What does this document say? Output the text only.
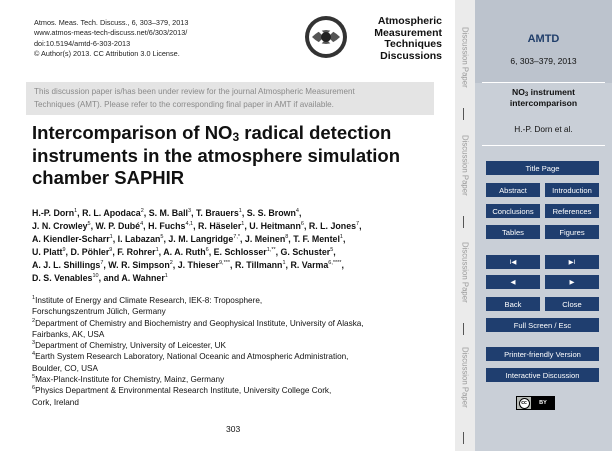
Atmos. Meas. Tech. Discuss., 6, 303–379, 2013
www.atmos-meas-tech-discuss.net/6/303/2013/
doi:10.5194/amtd-6-303-2013
© Author(s) 2013. CC Attribution 3.0 License.
Atmospheric
Measurement
Techniques
Discussions
This discussion paper is/has been under review for the journal Atmospheric Measurement
Techniques (AMT). Please refer to the corresponding final paper in AMT if available.
Intercomparison of $NO_3$ radical detection
instruments in the atmosphere simulation
chamber SAPHIR
H.-P. Dorn$^1$, R. L. Apodaca$^2$, S. M. Ball$^3$, T. Brauers$^1$, S. S. Brown$^4$,
J. N. Crowley$^5$, W. P. Dubé$^4$, H. Fuchs$^{4,1}$, R. Häseler$^1$, U. Heitmann$^6$, R. L. Jones$^7$,
A. Kiendler-Scharr$^1$, I. Labazan$^5$, J. M. Langridge$^{7,*}$, J. Meinen$^8$, T. F. Mentel$^1$,
U. Platt$^9$, D. Pöhler$^9$, F. Rohrer$^1$, A. A. Ruth$^6$, E. Schlosser$^{1,**}$, G. Schuster$^5$,
A. J. L. Shillings$^7$, W. R. Simpson$^2$, J. Thieser$^{9,***}$, R. Tillmann$^1$, R. Varma$^{6,****}$,
D. S. Venables$^{10}$, and A. Wahner$^1$
$^1$Institute of Energy and Climate Research, IEK-8: Troposphere,
Forschungszentrum Jülich, Germany
$^2$Department of Chemistry and Biochemistry and Geophysical Institute, University of Alaska,
Fairbanks, AK, USA
$^3$Department of Chemistry, University of Leicester, UK
$^4$Earth System Research Laboratory, National Oceanic and Atmospheric Administration,
Boulder, CO, USA
$^5$Max-Planck-Institute for Chemistry, Mainz, Germany
$^6$Physics Department & Environmental Research Institute, University College Cork,
Cork, Ireland
303
Discussion Paper
Discussion Paper
Discussion Paper
Discussion Paper
AMTD
6, 303–379, 2013
$NO_3$ instrument
intercomparison
H.-P. Dorn et al.
Title Page
Abstract	Introduction
Conclusions	References
Tables	Figures
I◀	▶I
◀	▶
Back	Close
Full Screen / Esc
Printer-friendly Version
Interactive Discussion
cc	BY
